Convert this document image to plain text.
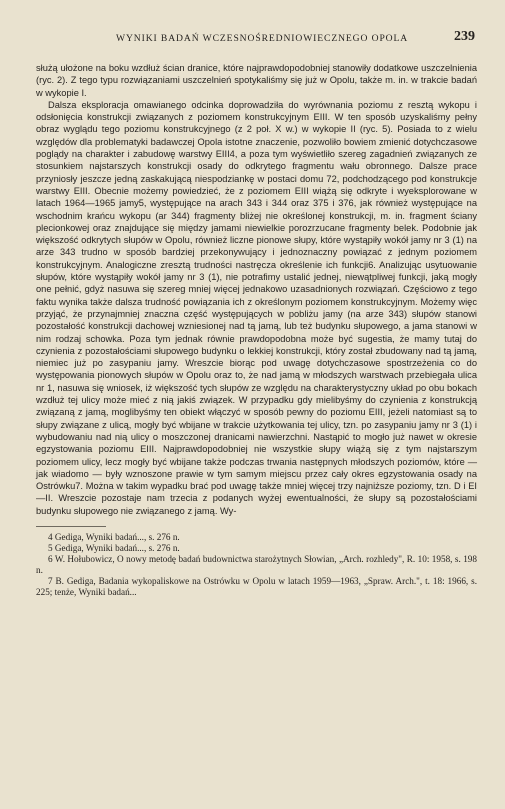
WYNIKI BADAŃ WCZESNOŚREDNIOWIECZNEGO OPOLA	239

służą ułożone na boku wzdłuż ścian dranice, które najprawdopodobniej stanowiły dodatkowe uszczelnienia (ryc. 2). Z tego typu rozwiązaniami uszczelnień spotykaliśmy się już w Opolu, także m. in. w trakcie badań w wykopie I.

Dalsza eksploracja omawianego odcinka doprowadziła do wyrównania poziomu z resztą wykopu i odsłonięcia konstrukcji związanych z poziomem konstrukcyjnym EIII. W ten sposób uzyskaliśmy pełny obraz wyglądu tego poziomu konstrukcyjnego (z 2 poł. X w.) w wykopie II (ryc. 5). Posiada to z wielu względów dla problematyki badawczej Opola istotne znaczenie, pozwoliło bowiem zmienić dotychczasowe poglądy na charakter i zabudowę warstwy EIII4, a poza tym wyświetliło szereg zagadnień związanych ze stosunkiem najstarszych konstrukcji osady do odkrytego fragmentu wału obronnego. Dalsze prace przyniosły jeszcze jedną zaskakującą niespodziankę w postaci domu 72, podchodzącego pod konstrukcje warstwy EIII. Obecnie możemy powiedzieć, że z poziomem EIII wiążą się odkryte i wyeksplorowane w latach 1964—1965 jamy5, występujące na arach 343 i 344 oraz 375 i 376, jak również występujące na wschodnim krańcu wykopu (ar 344) fragmenty bliżej nie określonej konstrukcji, m. in. fragment ściany plecionkowej oraz znajdujące się między jamami niewielkie porozrzucane fragmenty belek. Podobnie jak większość odkrytych słupów w Opolu, również liczne pionowe słupy, które wystąpiły wokół jamy nr 3 (1) na arze 343 trudno w sposób bardziej przekonywujący i jednoznaczny powiązać z jednym poziomem konstrukcyjnym. Analogiczne zresztą trudności nastręcza określenie ich funkcji6. Analizując usytuowanie słupów, które wystąpiły wokół jamy nr 3 (1), nie potrafimy ustalić jednej, niewątpliwej funkcji, jaką mogły one pełnić, gdyż nasuwa się szereg mniej więcej jednakowo uzasadnionych rozwiązań. Częściowo z tego faktu wynika także dalsza trudność powiązania ich z określonym poziomem konstrukcyjnym. Możemy więc przyjąć, że przynajmniej znaczna część występujących w pobliżu jamy (na arze 343) słupów stanowi pozostałość konstrukcji dachowej wzniesionej nad tą jamą, lub też budynku słupowego, a jama stanowi w nim rodzaj schowka. Poza tym jednak równie prawdopodobna może być sugestia, że mamy tutaj do czynienia z pozostałościami słupowego budynku o lekkiej konstrukcji, który został zbudowany nad tą jamą, niemiec już po zasypaniu jamy. Wreszcie biorąc pod uwagę dotychczasowe spostrzeżenia co do występowania pionowych słupów w Opolu oraz to, że nad jamą w młodszych warstwach przebiegała ulica nr 1, nasuwa się wniosek, iż większość tych słupów ze względu na charakterystyczny układ po obu bokach wzdłuż tej ulicy może mieć z nią jakiś związek. W przypadku gdy mielibyśmy do czynienia z konstrukcją związaną z jamą, moglibyśmy ten obiekt włączyć w sposób pewny do poziomu EIII, jeżeli natomiast są to słupy związane z ulicą, mogły być wbijane w trakcie użytkowania tej ulicy, tzn. po zasypaniu jamy nr 3 (1) i wybudowaniu nad nią ulicy o moszczonej dranicami nawierzchni. Nastąpić to mogło już nawet w okresie egzystowania poziomu EIII. Najprawdopodobniej nie wszystkie słupy wiążą się z tym najstarszym poziomem ulicy, lecz mogły być wbijane także podczas trwania następnych młodszych poziomów, które — jak wiadomo — były wznoszone prawie w tym samym miejscu przez cały okres egzystowania osady na Ostrówku7. Można w takim wypadku brać pod uwagę także mniej więcej trzy najniższe poziomy, tzn. D i EI—II. Wreszcie pozostaje nam trzecia z podanych wyżej ewentualności, że słupy są pozostałościami budynku słupowego nie związanego z jamą. Wy-

4 Gediga, Wyniki badań..., s. 276 n.

5 Gediga, Wyniki badań..., s. 276 n.

6 W. Hołubowicz, O nowy metodę badań budownictwa starożytnych Słowian, „Arch. rozhledy", R. 10: 1958, s. 198 n.

7 B. Gediga, Badania wykopaliskowe na Ostrówku w Opolu w latach 1959—1963, „Spraw. Arch.", t. 18: 1966, s. 225; tenże, Wyniki badań...
